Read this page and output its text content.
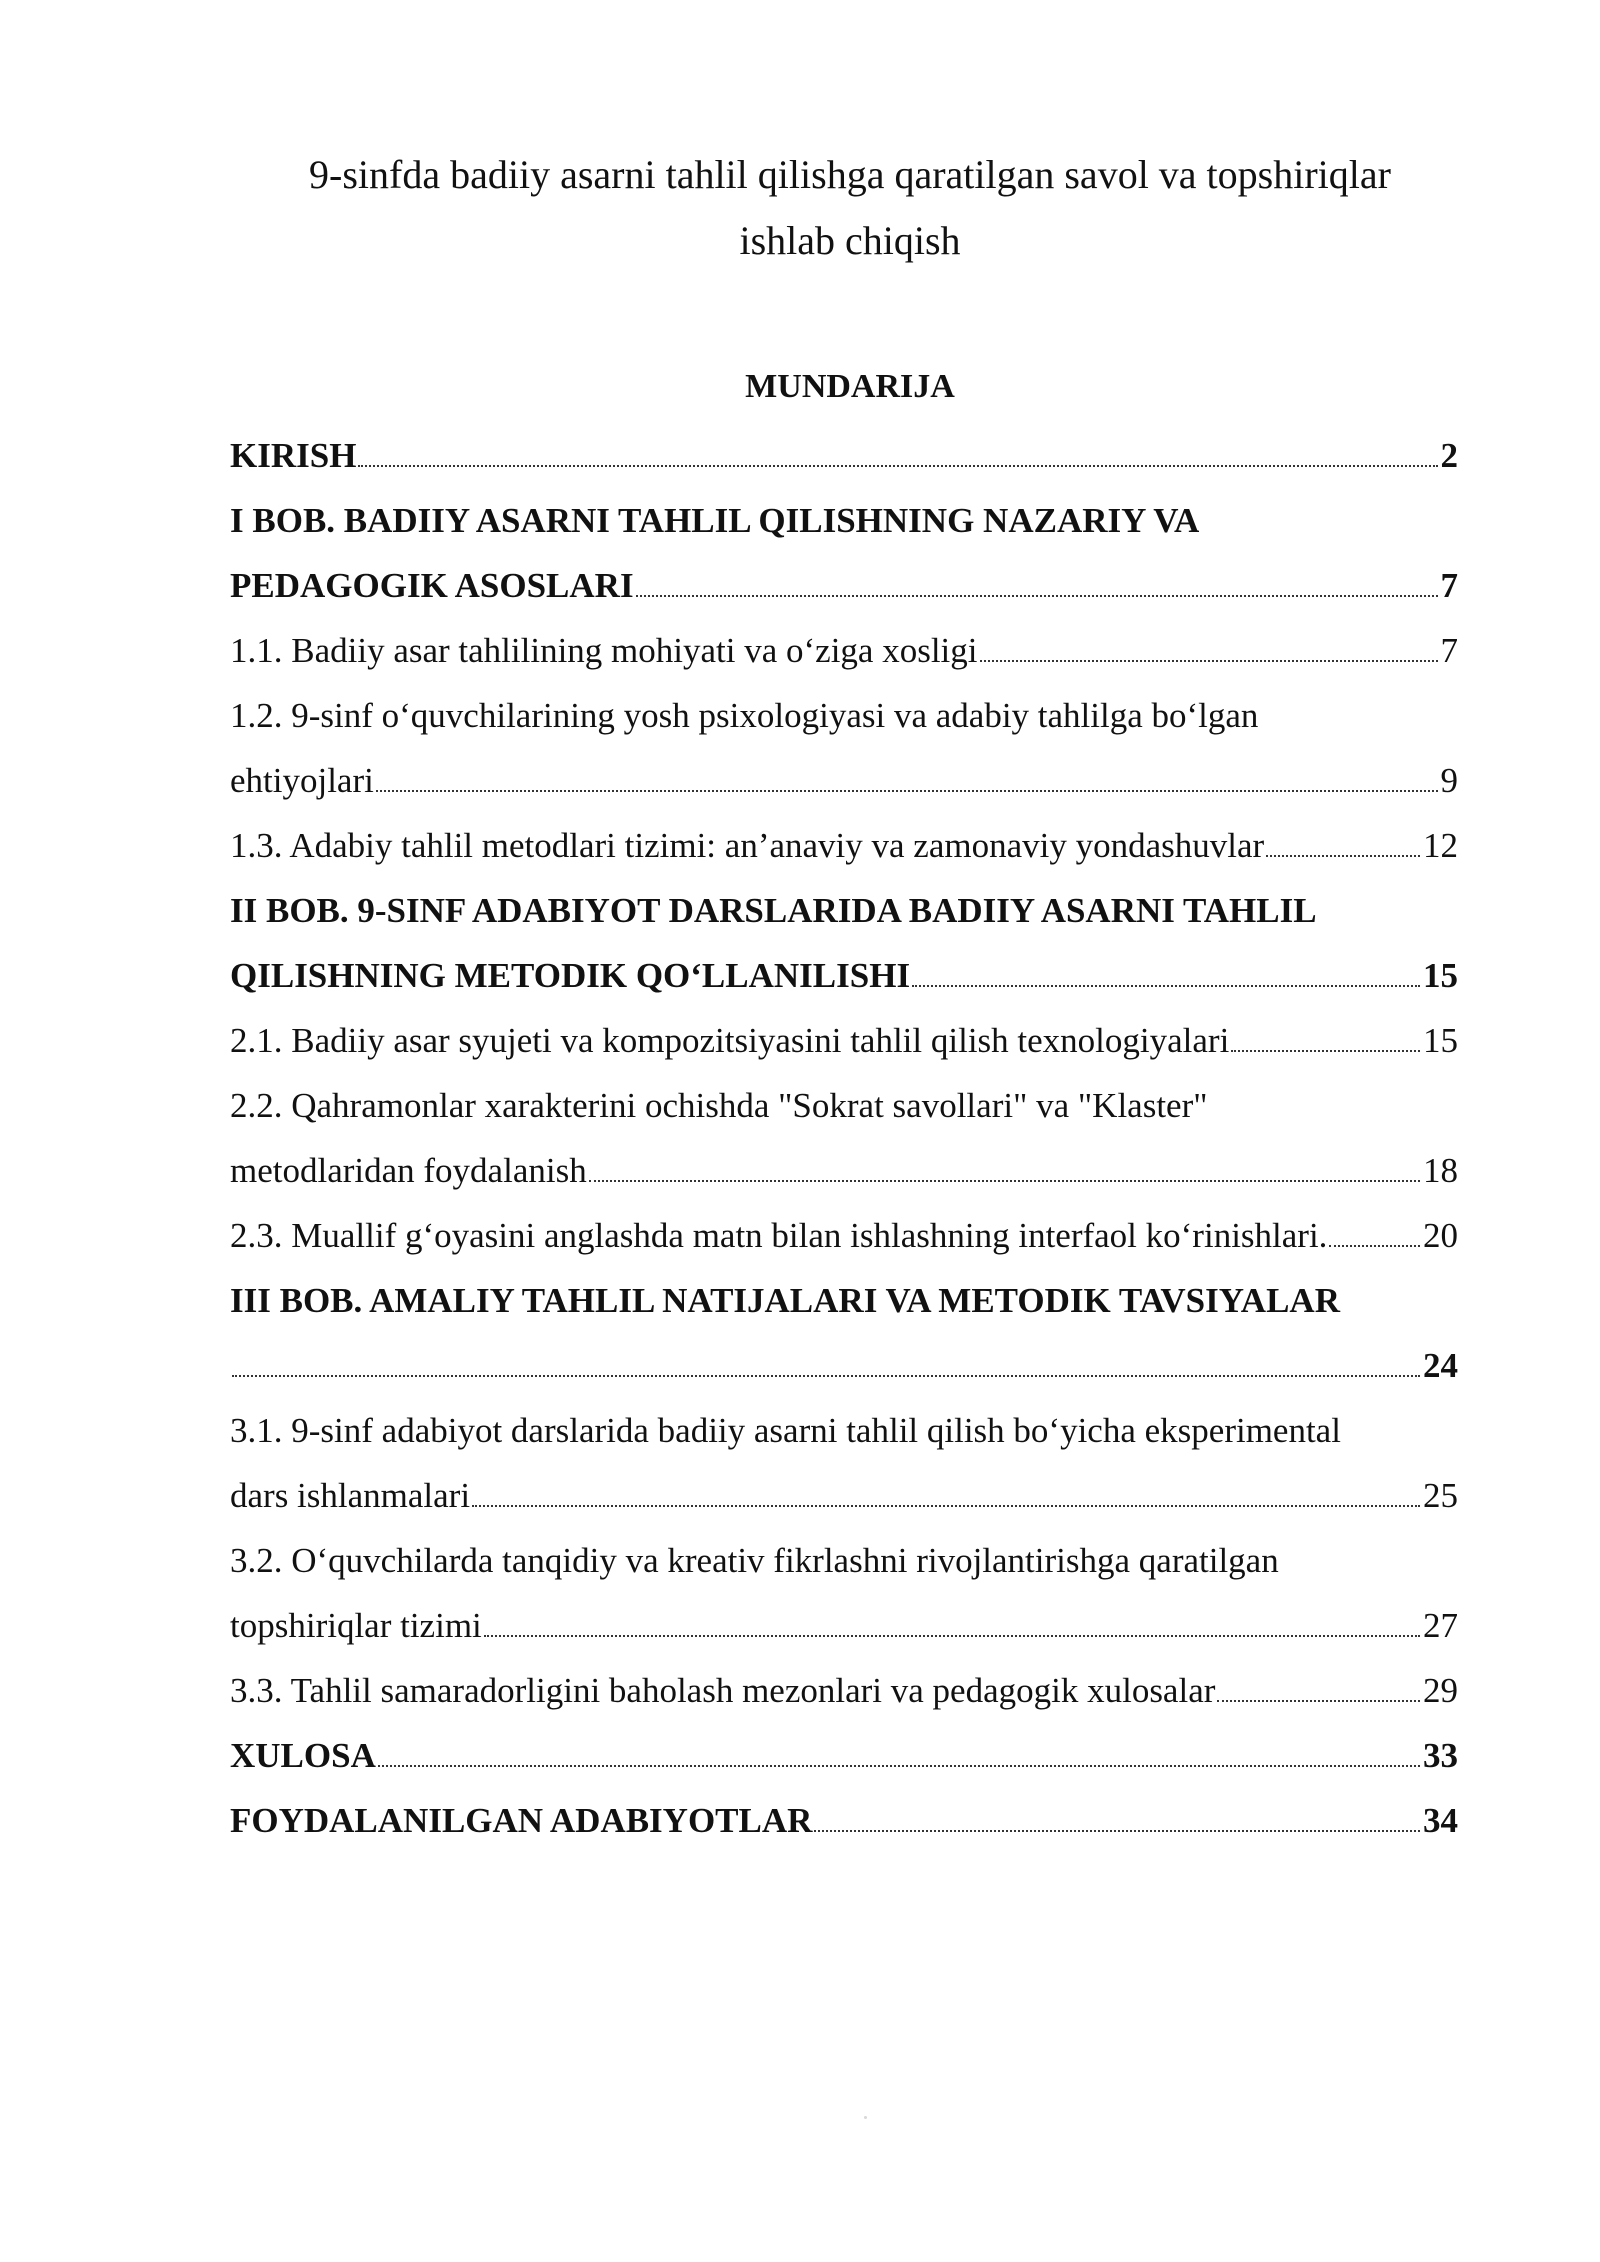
9-sinfda badiiy asarni tahlil qilishga qaratilgan savol va topshiriqlar
ishlab chiqish
MUNDARIJA
KIRISH	2
I BOB. BADIIY ASARNI TAHLIL QILISHNING NAZARIY VA
PEDAGOGIK ASOSLARI	7
1.1. Badiiy asar tahlilining mohiyati va o‘ziga xosligi	7
1.2. 9-sinf o‘quvchilarining yosh psixologiyasi va adabiy tahlilga bo‘lgan
ehtiyojlari	9
1.3. Adabiy tahlil metodlari tizimi: an’anaviy va zamonaviy yondashuvlar	12
II BOB. 9-SINF ADABIYOT DARSLARIDA BADIIY ASARNI TAHLIL
QILISHNING METODIK QO‘LLANILISHI	15
2.1. Badiiy asar syujeti va kompozitsiyasini tahlil qilish texnologiyalari	15
2.2. Qahramonlar xarakterini ochishda "Sokrat savollari" va "Klaster"
metodlaridan foydalanish	18
2.3. Muallif g‘oyasini anglashda matn bilan ishlashning interfaol ko‘rinishlari.	20
III BOB. AMALIY TAHLIL NATIJALARI VA METODIK TAVSIYALAR
24
3.1. 9-sinf adabiyot darslarida badiiy asarni tahlil qilish bo‘yicha eksperimental
dars ishlanmalari	25
3.2. O‘quvchilarda tanqidiy va kreativ fikrlashni rivojlantirishga qaratilgan
topshiriqlar tizimi	27
3.3. Tahlil samaradorligini baholash mezonlari va pedagogik xulosalar	29
XULOSA	33
FOYDALANILGAN ADABIYOTLAR	34
